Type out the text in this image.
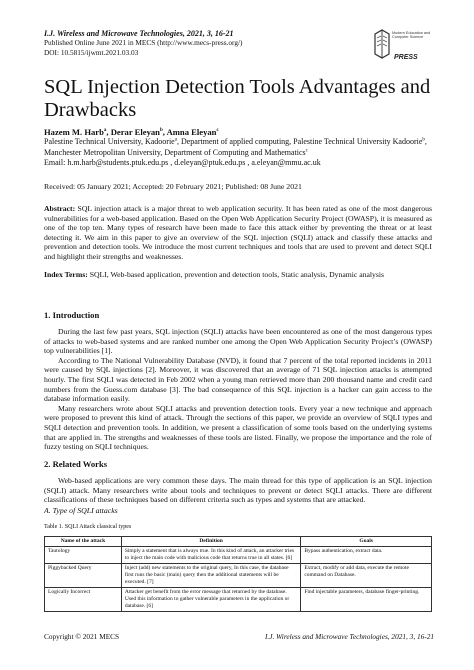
I.J. Wireless and Microwave Technologies, 2021, 3, 16-21
Published Online June 2021 in MECS (http://www.mecs-press.org/)
DOI: 10.5815/ijwmt.2021.03.03
Modern Education and Computer Science
PRESS
SQL Injection Detection Tools Advantages and Drawbacks
Hazem M. Harb$^a$, Derar Eleyan$^b$, Amna Eleyan$^c$
Palestine Technical University, Kadoorie$^a$, Department of applied computing, Palestine Technical University Kadoorie$^b$,
Manchester Metropolitan University, Department of Computing and Mathematics$^c$
Email: h.m.harb@students.ptuk.edu.ps , d.eleyan@ptuk.edu.ps , a.eleyan@mmu.ac.uk
Received: 05 January 2021; Accepted: 20 February 2021; Published: 08 June 2021
Abstract: SQL injection attack is a major threat to web application security. It has been rated as one of the most dangerous vulnerabilities for a web-based application. Based on the Open Web Application Security Project (OWASP), it is measured as one of the top ten. Many types of research have been made to face this attack either by preventing the threat or at least detecting it. We aim in this paper to give an overview of the SQL injection (SQLI) attack and classify these attacks and prevention and detection tools. We introduce the most current techniques and tools that are used to prevent and detect SQLI and highlight their strengths and weaknesses.
Index Terms: SQLI, Web-based application, prevention and detection tools, Static analysis, Dynamic analysis
1. Introduction

During the last few past years, SQL injection (SQLI) attacks have been encountered as one of the most dangerous types of attacks to web-based systems and are ranked number one among the Open Web Application Security Project’s (OWASP) top vulnerabilities [1].

According to The National Vulnerability Database (NVD), it found that 7 percent of the total reported incidents in 2011 were caused by SQL injections [2]. Moreover, it was discovered that an average of 71 SQL injection attacks is attempted hourly. The first SQLI was detected in Feb 2002 when a young man retrieved more than 200 thousand name and credit card numbers from the Guess.com database [3]. The bad consequence of this SQL injection is a hacker can gain access to the database information easily.

Many researchers wrote about SQLI attacks and prevention detection tools. Every year a new technique and approach were proposed to prevent this kind of attack. Through the sections of this paper, we provide an overview of SQLI types and SQLI detection and prevention tools. In addition, we present a classification of some tools based on the underlying systems that are applied in. The strengths and weaknesses of these tools are listed. Finally, we propose the importance and the role of fuzzy testing on SQLI techniques.

2. Related Works

Web-based applications are very common these days. The main thread for this type of application is an SQL injection (SQLI) attack. Many researchers write about tools and techniques to prevent or detect SQLI attacks. There are different classifications of these techniques based on different criteria such as types and systems that are attacked.

A. Type of SQLI attacks
Table 1. SQLI Attack classical types
Name of the attack	Definition	Goals
Tautology	Simply a statement that is always true. In this kind of attack, an attacker tries to inject the main code with malicious code that returns true in all states. [6]	Bypass authentication, extract data.
Piggybacked Query	Inject (add) new statements to the original query, In this case, the database first runs the basic (main) query then the additional statements will be executed. [7]	Extract, modify or add data, execute the remote command on Database.
Logically Incorrect	Attacker get benefit from the error message that returned by the database. Used this information to gather vulnerable parameters in the application or database. [6]	Find injectable parameters, database finger-printing.
Copyright © 2021 MECS	I.J. Wireless and Microwave Technologies, 2021, 3, 16-21
